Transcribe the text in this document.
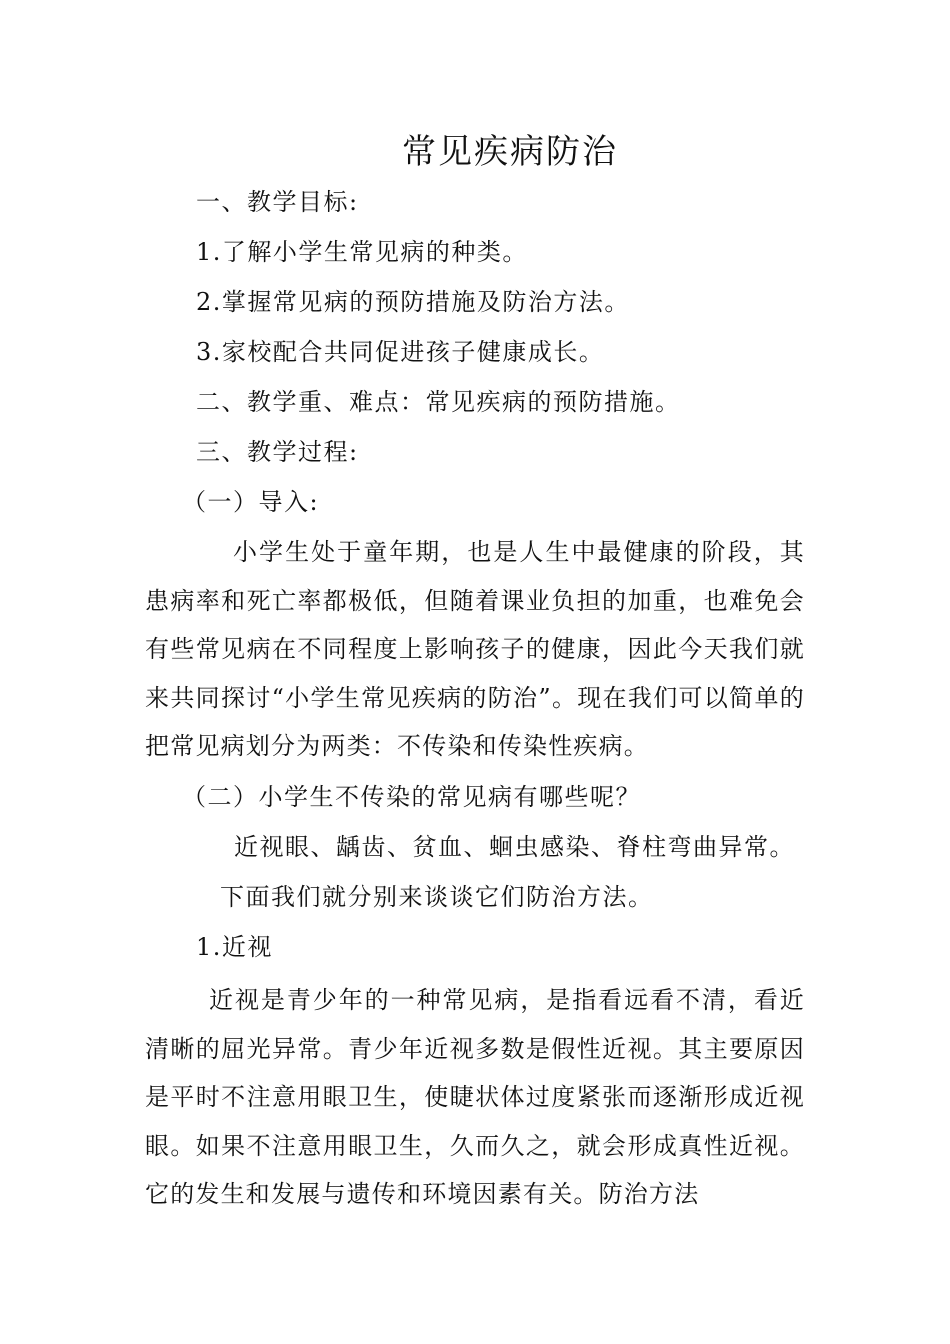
常见疾病防治
一、教学目标:
1.了解小学生常见病的种类。
2.掌握常见病的预防措施及防治方法。
3.家校配合共同促进孩子健康成长。
二、教学重、难点：常见疾病的预防措施。
三、教学过程:
（一）导入:
小学生处于童年期，也是人生中最健康的阶段，其患病率和死亡率都极低，但随着课业负担的加重，也难免会有些常见病在不同程度上影响孩子的健康，因此今天我们就来共同探讨“小学生常见疾病的防治”。现在我们可以简单的把常见病划分为两类：不传染和传染性疾病。
（二）小学生不传染的常见病有哪些呢？
近视眼、龋齿、贫血、蛔虫感染、脊柱弯曲异常。
下面我们就分别来谈谈它们防治方法。
1.近视
近视是青少年的一种常见病，是指看远看不清，看近清晰的屈光异常。青少年近视多数是假性近视。其主要原因是平时不注意用眼卫生，使睫状体过度紧张而逐渐形成近视眼。如果不注意用眼卫生，久而久之，就会形成真性近视。它的发生和发展与遗传和环境因素有关。防治方法
